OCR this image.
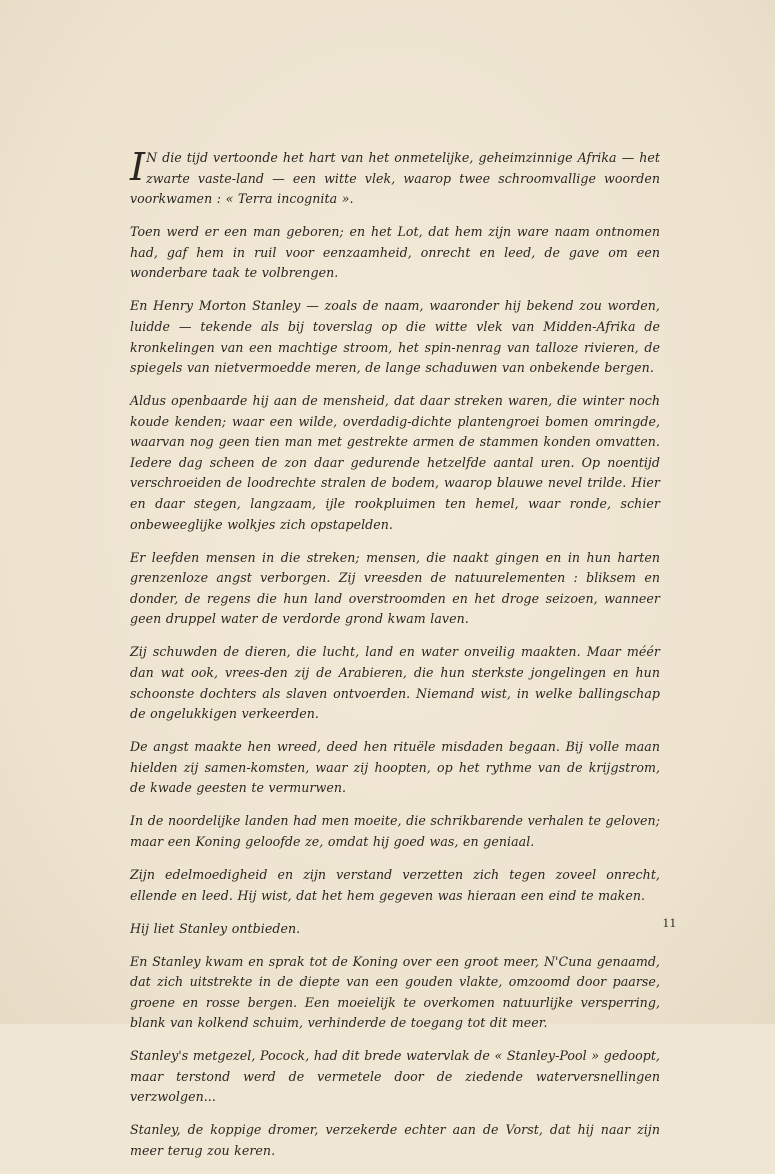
I N die tijd vertoonde het hart van het onmetelijke, geheimzinnige Afrika — het zwarte vaste-land — een witte vlek, waarop twee schroomvallige woorden voorkwamen : « Terra incognita ».

Toen werd er een man geboren; en het Lot, dat hem zijn ware naam ontnomen had, gaf hem in ruil voor eenzaamheid, onrecht en leed, de gave om een wonderbare taak te volbrengen.

En Henry Morton Stanley — zoals de naam, waaronder hij bekend zou worden, luidde — tekende als bij toverslag op die witte vlek van Midden-Afrika de kronkelingen van een machtige stroom, het spin-nenrag van talloze rivieren, de spiegels van nietvermoedde meren, de lange schaduwen van onbekende bergen.

Aldus openbaarde hij aan de mensheid, dat daar streken waren, die winter noch koude kenden; waar een wilde, overdadig-dichte plantengroei bomen omringde, waarvan nog geen tien man met gestrekte armen de stammen konden omvatten. Iedere dag scheen de zon daar gedurende hetzelfde aantal uren. Op noentijd verschroeiden de loodrechte stralen de bodem, waarop blauwe nevel trilde. Hier en daar stegen, langzaam, ijle rookpluimen ten hemel, waar ronde, schier onbeweeglijke wolkjes zich opstapelden.

Er leefden mensen in die streken; mensen, die naakt gingen en in hun harten grenzenloze angst verborgen. Zij vreesden de natuurelementen : bliksem en donder, de regens die hun land overstroomden en het droge seizoen, wanneer geen druppel water de verdorde grond kwam laven.

Zij schuwden de dieren, die lucht, land en water onveilig maakten. Maar méér dan wat ook, vrees-den zij de Arabieren, die hun sterkste jongelingen en hun schoonste dochters als slaven ontvoerden. Niemand wist, in welke ballingschap de ongelukkigen verkeerden.

De angst maakte hen wreed, deed hen rituële misdaden begaan. Bij volle maan hielden zij samen-komsten, waar zij hoopten, op het rythme van de krijgstrom, de kwade geesten te vermurwen.

In de noordelijke landen had men moeite, die schrikbarende verhalen te geloven; maar een Koning geloofde ze, omdat hij goed was, en geniaal.

Zijn edelmoedigheid en zijn verstand verzetten zich tegen zoveel onrecht, ellende en leed. Hij wist, dat het hem gegeven was hieraan een eind te maken.

Hij liet Stanley ontbieden.

En Stanley kwam en sprak tot de Koning over een groot meer, N'Cuna genaamd, dat zich uitstrekte in de diepte van een gouden vlakte, omzoomd door paarse, groene en rosse bergen. Een moeielijk te overkomen natuurlijke versperring, blank van kolkend schuim, verhinderde de toegang tot dit meer.

Stanley's metgezel, Pocock, had dit brede watervlak de « Stanley-Pool » gedoopt, maar terstond werd de vermetele door de ziedende waterversnellingen verzwolgen...

Stanley, de koppige dromer, verzekerde echter aan de Vorst, dat hij naar zijn meer terug zou keren.

11
